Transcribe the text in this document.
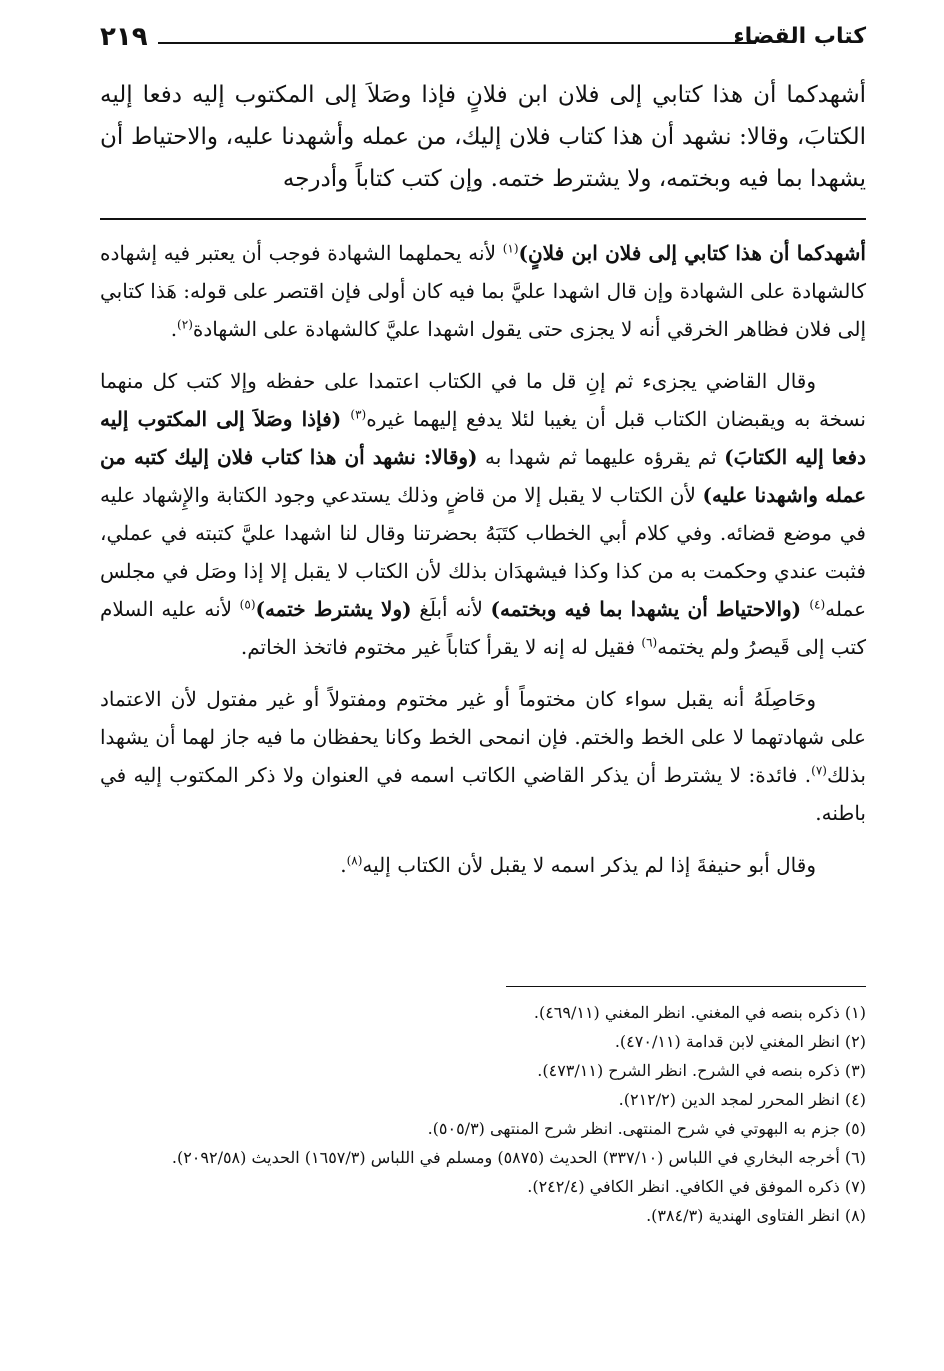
كتاب القضاء
٢١٩

أشهدكما أن هذا كتابي إلى فلان ابن فلانٍ فإذا وصَلاَ إلى المكتوب إليه دفعا إليه الكتابَ، وقالا: نشهد أن هذا كتاب فلان إليك، من عمله وأشهدنا عليه، والاحتياط أن يشهدا بما فيه وبختمه، ولا يشترط ختمه. وإن كتب كتاباً وأدرجه

أشهدكما أن هذا كتابي إلى فلان ابن فلانٍ)$^{(١)}$ لأنه يحملهما الشهادة فوجب أن يعتبر فيه إشهاده كالشهادة على الشهادة وإن قال اشهدا عليَّ بما فيه كان أولى فإن اقتصر على قوله: هَذا كتابي إلى فلان فظاهر الخرقي أنه لا يجزى حتى يقول اشهدا عليَّ كالشهادة على الشهادة$^{(٢)}$.

وقال القاضي يجزىء ثم إنِ قل ما في الكتاب اعتمدا على حفظه وإلا كتب كل منهما نسخة به ويقبضان الكتاب قبل أن يغيبا لئلا يدفع إليهما غيره$^{(٣)}$ (فإذا وصَلاَ إلى المكتوب إليه دفعا إليه الكتابَ) ثم يقرؤه عليهما ثم شهدا به (وقالا: نشهد أن هذا كتاب فلان إليك كتبه من عمله واشهدنا عليه) لأن الكتاب لا يقبل إلا من قاضٍ وذلك يستدعي وجود الكتابة والإِشهاد عليه في موضع قضائه. وفي كلام أبي الخطاب كتَبَهُ بحضرتنا وقال لنا اشهدا عليَّ كتبته في عملي، فثبت عندي وحكمت به من كذا وكذا فيشهدَان بذلك لأن الكتاب لا يقبل إلا إذا وصَل في مجلس عمله$^{(٤)}$ (والاحتياط أن يشهدا بما فيه وبختمه) لأنه أبلَغ (ولا يشترط ختمه)$^{(٥)}$ لأنه عليه السلام كتب إلى قَيصرُ ولم يختمه$^{(٦)}$ فقيل له إنه لا يقرأ كتاباً غير مختوم فاتخذ الخاتم.

وحَاصِلَهُ أنه يقبل سواء كان مختوماً أو غير مختوم ومفتولاً أو غير مفتول لأن الاعتماد على شهادتهما لا على الخط والختم. فإن انمحى الخط وكانا يحفظان ما فيه جاز لهما أن يشهدا بذلك$^{(٧)}$. فائدة: لا يشترط أن يذكر القاضي الكاتب اسمه في العنوان ولا ذكر المكتوب إليه في باطنه.

وقال أبو حنيفةَ إذا لم يذكر اسمه لا يقبل لأن الكتاب إليه$^{(٨)}$.

(١) ذكره بنصه في المغني. انظر المغني (٤٦٩/١١).

(٢) انظر المغني لابن قدامة (٤٧٠/١١).

(٣) ذكره بنصه في الشرح. انظر الشرح (٤٧٣/١١).

(٤) انظر المحرر لمجد الدين (٢١٢/٢).

(٥) جزم به البهوتي في شرح المنتهى. انظر شرح المنتهى (٥٠٥/٣).

(٦) أخرجه البخاري في اللباس (٣٣٧/١٠) الحديث (٥٨٧٥) ومسلم في اللباس (١٦٥٧/٣) الحديث (٢٠٩٢/٥٨).

(٧) ذكره الموفق في الكافي. انظر الكافي (٢٤٢/٤).

(٨) انظر الفتاوى الهندية (٣٨٤/٣).
